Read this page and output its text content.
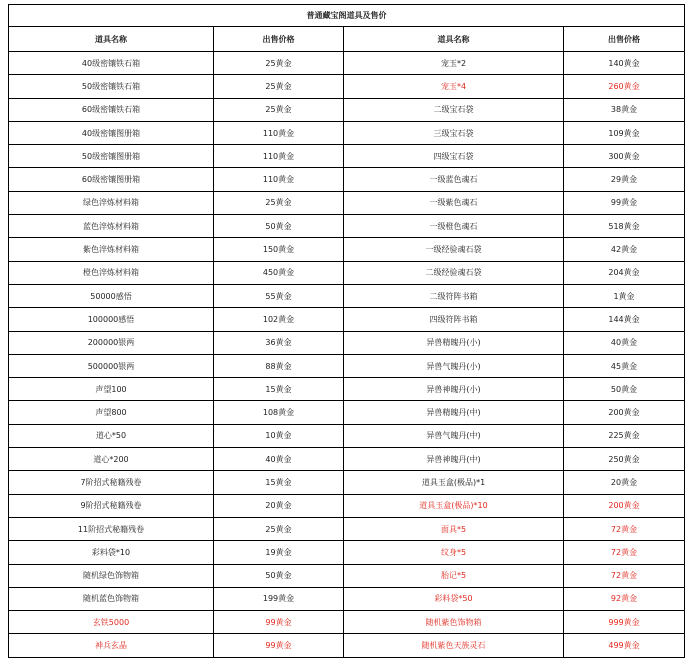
普通藏宝阁道具及售价			
道具名称	出售价格	道具名称	出售价格
40级密镶铁石箱	25黄金	宠玉*2	140黄金
50级密镶铁石箱	25黄金	宠玉*4	260黄金
60级密镶铁石箱	25黄金	二级宝石袋	38黄金
40级密镶图册箱	110黄金	三级宝石袋	109黄金
50级密镶图册箱	110黄金	四级宝石袋	300黄金
60级密镶图册箱	110黄金	一级蓝色魂石	29黄金
绿色淬炼材料箱	25黄金	一级紫色魂石	99黄金
蓝色淬炼材料箱	50黄金	一级橙色魂石	518黄金
紫色淬炼材料箱	150黄金	一级经验魂石袋	42黄金
橙色淬炼材料箱	450黄金	二级经验魂石袋	204黄金
50000感悟	55黄金	二级符阵书箱	1黄金
100000感悟	102黄金	四级符阵书箱	144黄金
200000银两	36黄金	异兽精魄丹(小)	40黄金
500000银两	88黄金	异兽气魄丹(小)	45黄金
声望100	15黄金	异兽神魄丹(小)	50黄金
声望800	108黄金	异兽精魄丹(中)	200黄金
道心*50	10黄金	异兽气魄丹(中)	225黄金
道心*200	40黄金	异兽神魄丹(中)	250黄金
7阶招式秘籍残卷	15黄金	道具玉盒(极品)*1	20黄金
9阶招式秘籍残卷	20黄金	道具玉盒(极品)*10	200黄金
11阶招式秘籍残卷	25黄金	面具*5	72黄金
彩料袋*10	19黄金	纹身*5	72黄金
随机绿色饰物箱	50黄金	胎记*5	72黄金
随机蓝色饰物箱	199黄金	彩料袋*50	92黄金
玄铁5000	99黄金	随机紫色饰物箱	999黄金
神兵玄晶	99黄金	随机紫色天族灵石	499黄金
